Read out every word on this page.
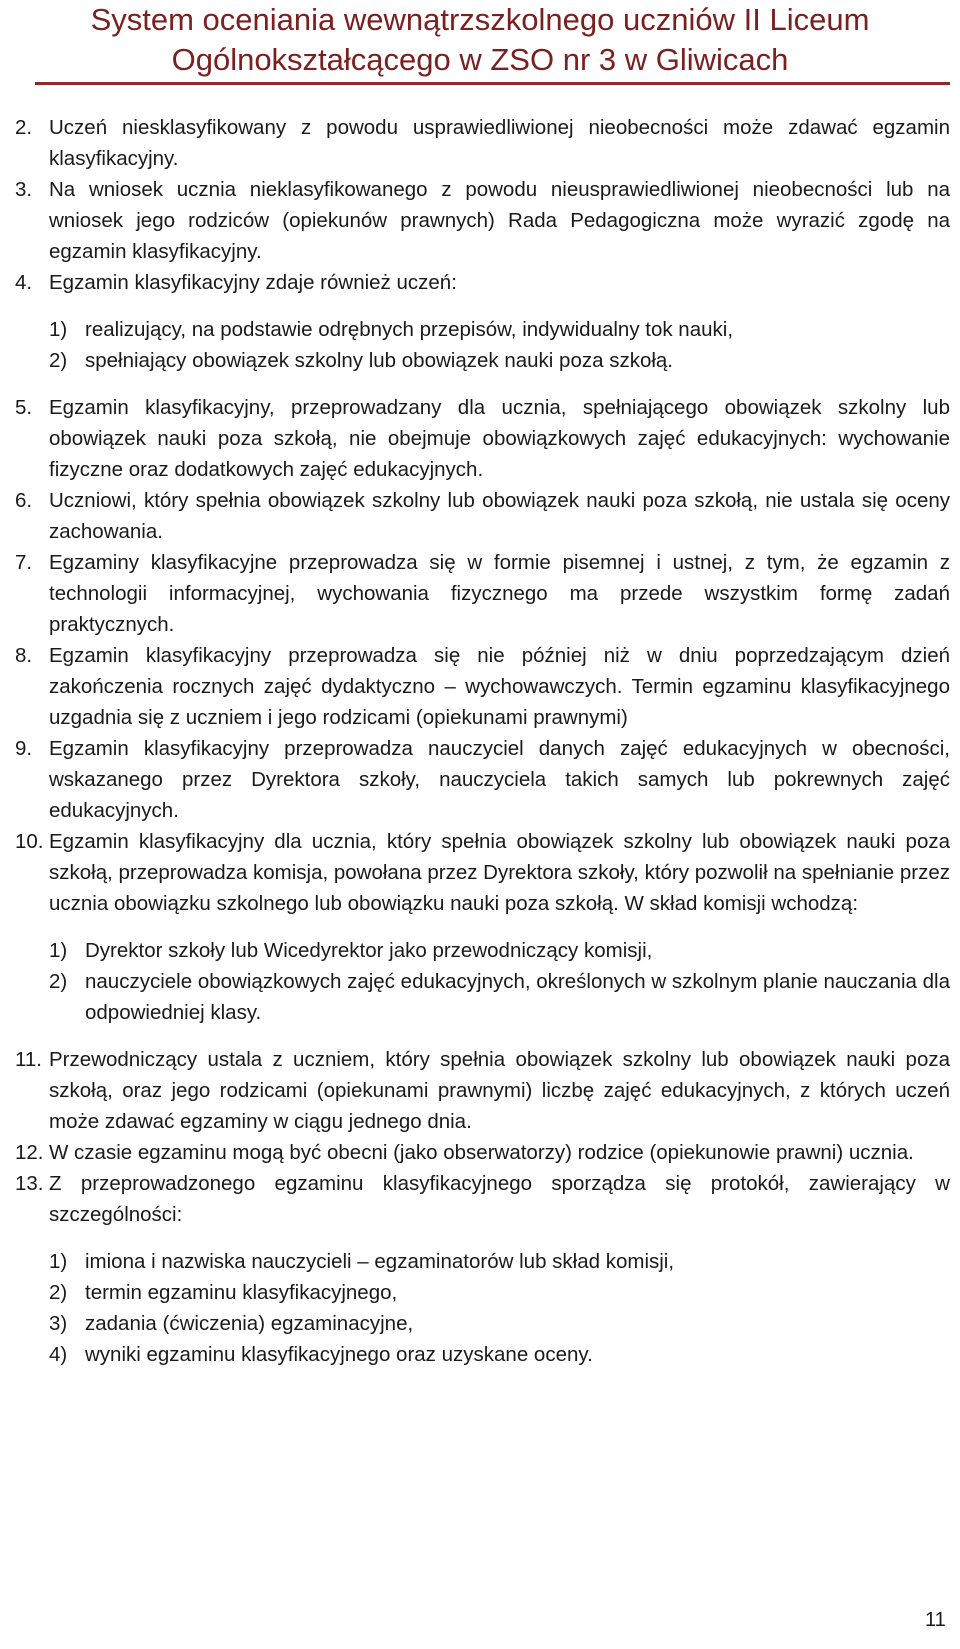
System oceniania wewnątrzszkolnego uczniów II Liceum
Ogólnokształcącego w ZSO nr 3 w Gliwicach
2. Uczeń niesklasyfikowany z powodu usprawiedliwionej nieobecności może zdawać egzamin klasyfikacyjny.
3. Na wniosek ucznia nieklasyfikowanego z powodu nieusprawiedliwionej nieobecności lub na wniosek jego rodziców (opiekunów prawnych) Rada Pedagogiczna może wyrazić zgodę na egzamin klasyfikacyjny.
4. Egzamin klasyfikacyjny zdaje również uczeń:
1) realizujący, na podstawie odrębnych przepisów, indywidualny tok nauki,
2) spełniający obowiązek szkolny lub obowiązek nauki poza szkołą.
5. Egzamin klasyfikacyjny, przeprowadzany dla ucznia, spełniającego obowiązek szkolny lub obowiązek nauki poza szkołą, nie obejmuje obowiązkowych zajęć edukacyjnych: wychowanie fizyczne oraz dodatkowych zajęć edukacyjnych.
6. Uczniowi, który spełnia obowiązek szkolny lub obowiązek nauki poza szkołą, nie ustala się oceny zachowania.
7. Egzaminy klasyfikacyjne przeprowadza się w formie pisemnej i ustnej, z tym, że egzamin z technologii informacyjnej, wychowania fizycznego ma przede wszystkim formę zadań praktycznych.
8. Egzamin klasyfikacyjny przeprowadza się nie później niż w dniu poprzedzającym dzień zakończenia rocznych zajęć dydaktyczno – wychowawczych. Termin egzaminu klasyfikacyjnego uzgadnia się z uczniem i jego rodzicami (opiekunami prawnymi)
9. Egzamin klasyfikacyjny przeprowadza nauczyciel danych zajęć edukacyjnych w obecności, wskazanego przez Dyrektora szkoły, nauczyciela takich samych lub pokrewnych zajęć edukacyjnych.
10. Egzamin klasyfikacyjny dla ucznia, który spełnia obowiązek szkolny lub obowiązek nauki poza szkołą, przeprowadza komisja, powołana przez Dyrektora szkoły, który pozwolił na spełnianie przez ucznia obowiązku szkolnego lub obowiązku nauki poza szkołą. W skład komisji wchodzą:
1) Dyrektor szkoły lub Wicedyrektor jako przewodniczący komisji,
2) nauczyciele obowiązkowych zajęć edukacyjnych, określonych w szkolnym planie nauczania dla odpowiedniej klasy.
11. Przewodniczący ustala z uczniem, który spełnia obowiązek szkolny lub obowiązek nauki poza szkołą, oraz jego rodzicami (opiekunami prawnymi) liczbę zajęć edukacyjnych, z których uczeń może zdawać egzaminy w ciągu jednego dnia.
12. W czasie egzaminu mogą być obecni (jako obserwatorzy) rodzice (opiekunowie prawni) ucznia.
13. Z przeprowadzonego egzaminu klasyfikacyjnego sporządza się protokół, zawierający w szczególności:
1) imiona i nazwiska nauczycieli – egzaminatorów lub skład komisji,
2) termin egzaminu klasyfikacyjnego,
3) zadania (ćwiczenia) egzaminacyjne,
4) wyniki egzaminu klasyfikacyjnego oraz uzyskane oceny.
11
